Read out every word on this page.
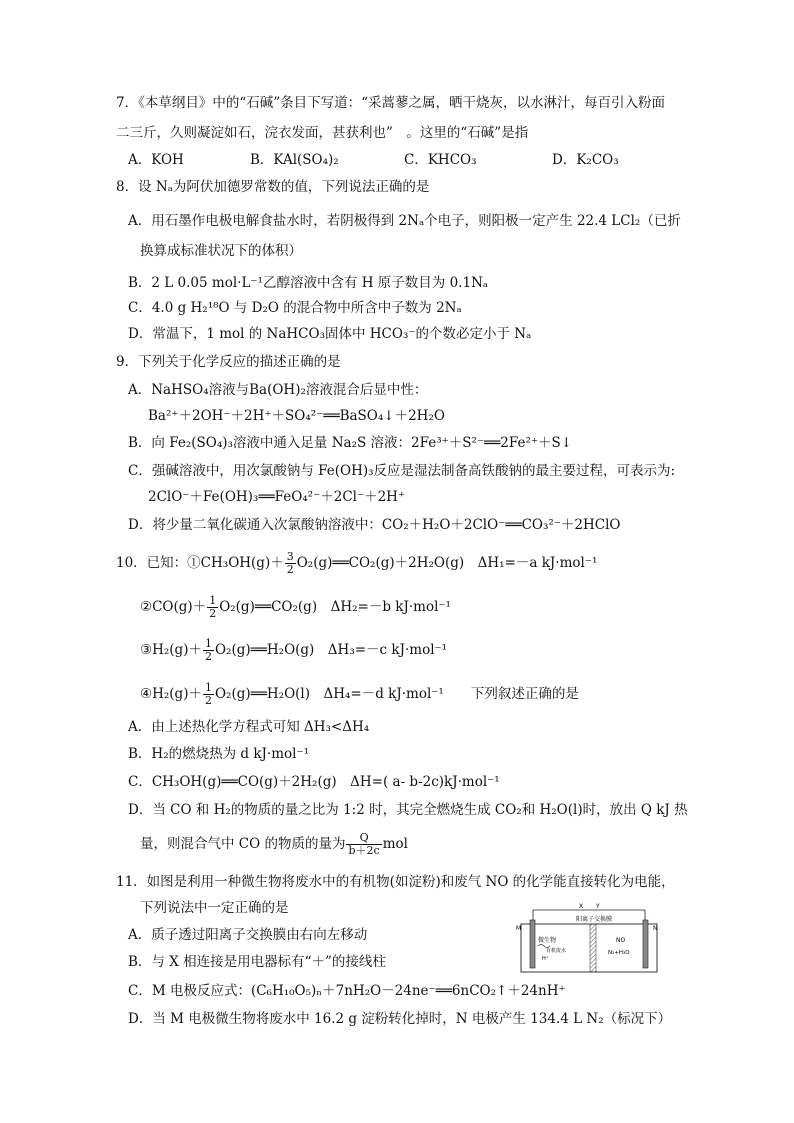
7．《本草纲目》中的“石碱”条目下写道：“采蒿蓼之属，晒干烧灰，以水淋汁，每百引入粉面
二三斤，久则凝淀如石，浣衣发面，甚获利也”　。这里的“石碱”是指
A．KOH	B．KAl(SO₄)₂	C．KHCO₃	D．K₂CO₃
8．设 Nₐ为阿伏加德罗常数的值，下列说法正确的是
A．用石墨作电极电解食盐水时，若阴极得到 2Nₐ个电子，则阳极一定产生 22.4 LCl₂（已折
换算成标准状况下的体积）
B．2 L 0.05 mol·L⁻¹乙醇溶液中含有 H 原子数目为 0.1Nₐ
C．4.0 g H₂¹⁸O 与 D₂O 的混合物中所含中子数为 2Nₐ
D．常温下，1 mol 的 NaHCO₃固体中 HCO₃⁻的个数必定小于 Nₐ
9．下列关于化学反应的描述正确的是
A．NaHSO₄溶液与Ba(OH)₂溶液混合后显中性：
Ba²⁺＋2OH⁻＋2H⁺＋SO₄²⁻══BaSO₄↓＋2H₂O
B．向 Fe₂(SO₄)₃溶液中通入足量 Na₂S 溶液：2Fe³⁺＋S²⁻══2Fe²⁺＋S↓
C．强碱溶液中，用次氯酸钠与 Fe(OH)₃反应是湿法制备高铁酸钠的最主要过程，可表示为:
2ClO⁻＋Fe(OH)₃══FeO₄²⁻＋2Cl⁻＋2H⁺
D．将少量二氧化碳通入次氯酸钠溶液中：CO₂＋H₂O＋2ClO⁻══CO₃²⁻＋2HClO
10．已知：①CH₃OH(g)＋ $\frac{3}{2}$ O₂(g)══CO₂(g)＋2H₂O(g)　ΔH₁=－a kJ·mol⁻¹
②CO(g)＋ $\frac{1}{2}$ O₂(g)══CO₂(g)　ΔH₂=－b kJ·mol⁻¹
③H₂(g)＋ $\frac{1}{2}$ O₂(g)══H₂O(g)　ΔH₃=－c kJ·mol⁻¹
④H₂(g)＋ $\frac{1}{2}$ O₂(g)══H₂O(l)　ΔH₄=－d kJ·mol⁻¹　　下列叙述正确的是
A．由上述热化学方程式可知 ΔH₃<ΔH₄
B．H₂的燃烧热为 d kJ·mol⁻¹
C．CH₃OH(g)══CO(g)＋2H₂(g)　ΔH=( a- b-2c)kJ·mol⁻¹
D．当 CO 和 H₂的物质的量之比为 1:2 时，其完全燃烧生成 CO₂和 H₂O(l)时，放出 Q kJ 热
量，则混合气中 CO 的物质的量为 $\frac{Q}{b+2c}$ mol
11．如图是利用一种微生物将废水中的有机物(如淀粉)和废气 NO 的化学能直接转化为电能，
下列说法中一定正确的是
A．质子透过阳离子交换膜由右向左移动
B．与 X 相连接是用电器标有“＋”的接线柱
C．M 电极反应式：(C₆H₁₀O₅)ₙ＋7nH₂O－24ne⁻══6nCO₂↑＋24nH⁺
D．当 M 电极微生物将废水中 16.2 g 淀粉转化掉时，N 电极产生 134.4 L N₂（标况下）
X Y
M	N
阳离子交换膜
微生物
有机废水
H⁺
NO
N₂+H₂O
